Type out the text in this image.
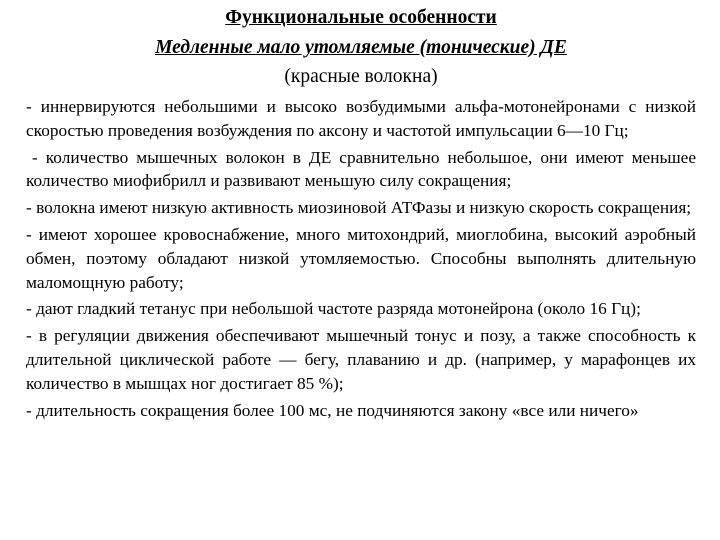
Функциональные особенности
Медленные мало утомляемые (тонические) ДЕ
(красные волокна)

- иннервируются небольшими и высоко возбудимыми альфа-мотонейронами с низкой скоростью проведения возбуждения по аксону и частотой импульсации 6—10 Гц;

- количество мышечных волокон в ДЕ сравнительно небольшое, они имеют меньшее количество миофибрилл и развивают меньшую силу сокращения;

- волокна имеют низкую активность миозиновой АТФазы и низкую скорость сокращения;

- имеют хорошее кровоснабжение, много митохондрий, миоглобина, высокий аэробный обмен, поэтому обладают низкой утомляемостью. Способны выполнять длительную маломощную работу;

- дают гладкий тетанус при небольшой частоте разряда мотонейрона (около 16 Гц);

- в регуляции движения обеспечивают мышечный тонус и позу, а также способность к длительной циклической работе — бегу, плаванию и др. (например, у марафонцев их количество в мышцах ног достигает 85 %);

- длительность сокращения более 100 мс, не подчиняются закону «все или ничего»
